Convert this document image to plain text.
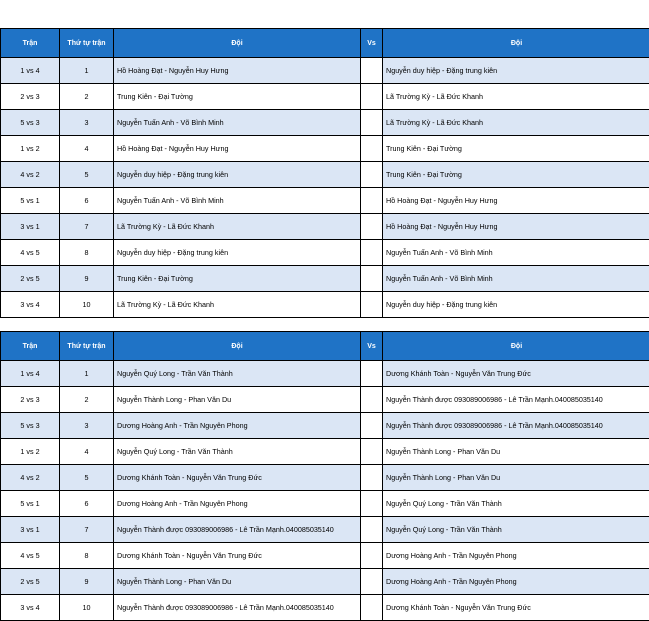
Trận	Thứ tự trận	Đội	Vs	Đội
1 vs 4	1	Hồ Hoàng Đạt - Nguyễn Huy Hưng		Nguyễn duy hiệp - Đặng trung kiên
2 vs 3	2	Trung Kiên - Đại Tường		Lã Trường Kỳ - Lã Đức Khanh
5 vs 3	3	Nguyễn Tuấn Anh - Võ Bình Minh		Lã Trường Kỳ - Lã Đức Khanh
1 vs 2	4	Hồ Hoàng Đạt - Nguyễn Huy Hưng		Trung Kiên - Đại Tường
4 vs 2	5	Nguyễn duy hiệp - Đặng trung kiên		Trung Kiên - Đại Tường
5 vs 1	6	Nguyễn Tuấn Anh - Võ Bình Minh		Hồ Hoàng Đạt - Nguyễn Huy Hưng
3 vs 1	7	Lã Trường Kỳ - Lã Đức Khanh		Hồ Hoàng Đạt - Nguyễn Huy Hưng
4 vs 5	8	Nguyễn duy hiệp - Đặng trung kiên		Nguyễn Tuấn Anh - Võ Bình Minh
2 vs 5	9	Trung Kiên - Đại Tường		Nguyễn Tuấn Anh - Võ Bình Minh
3 vs 4	10	Lã Trường Kỳ - Lã Đức Khanh		Nguyễn duy hiệp - Đặng trung kiên
Trận	Thứ tự trận	Đội	Vs	Đội
1 vs 4	1	Nguyễn Quý Long - Trần Văn Thành		Dương Khánh Toàn - Nguyễn Văn Trung Đức
2 vs 3	2	Nguyễn Thành Long - Phan Văn Du		Nguyễn Thành được 093089006986 - Lê Trần Mạnh.040085035140
5 vs 3	3	Dương Hoàng Anh - Trần Nguyên Phong		Nguyễn Thành được 093089006986 - Lê Trần Mạnh.040085035140
1 vs 2	4	Nguyễn Quý Long - Trần Văn Thành		Nguyễn Thành Long - Phan Văn Du
4 vs 2	5	Dương Khánh Toàn - Nguyễn Văn Trung Đức		Nguyễn Thành Long - Phan Văn Du
5 vs 1	6	Dương Hoàng Anh - Trần Nguyên Phong		Nguyễn Quý Long - Trần Văn Thành
3 vs 1	7	Nguyễn Thành được 093089006986 - Lê Trần Mạnh.040085035140		Nguyễn Quý Long - Trần Văn Thành
4 vs 5	8	Dương Khánh Toàn - Nguyễn Văn Trung Đức		Dương Hoàng Anh - Trần Nguyên Phong
2 vs 5	9	Nguyễn Thành Long - Phan Văn Du		Dương Hoàng Anh - Trần Nguyên Phong
3 vs 4	10	Nguyễn Thành được 093089006986 - Lê Trần Mạnh.040085035140		Dương Khánh Toàn - Nguyễn Văn Trung Đức
